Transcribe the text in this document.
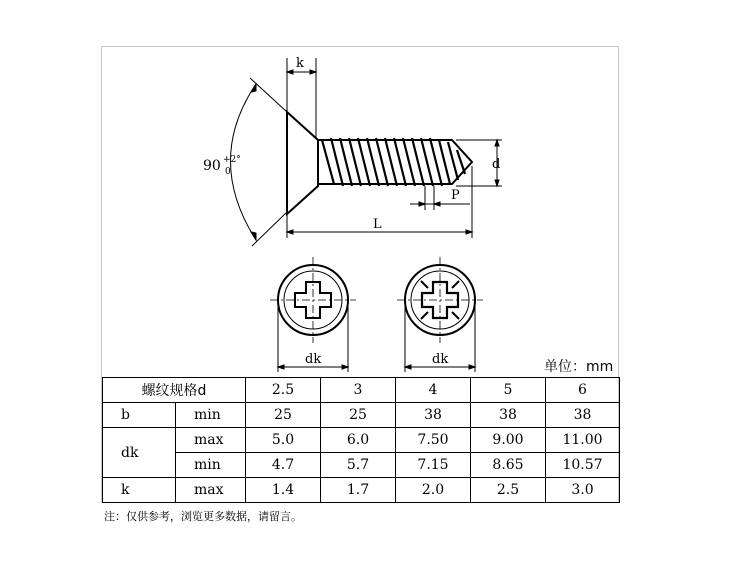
k
90 +2°
0	d
P
L
dk	dk	单位：mm
螺纹规格d		2.5	3	4	5	6
b	min	25	25	38	38	38
dk	max	5.0	6.0	7.50	9.00	11.00
	min	4.7	5.7	7.15	8.65	10.57
k	max	1.4	1.7	2.0	2.5	3.0
注：仅供参考，浏览更多数据，请留言。
